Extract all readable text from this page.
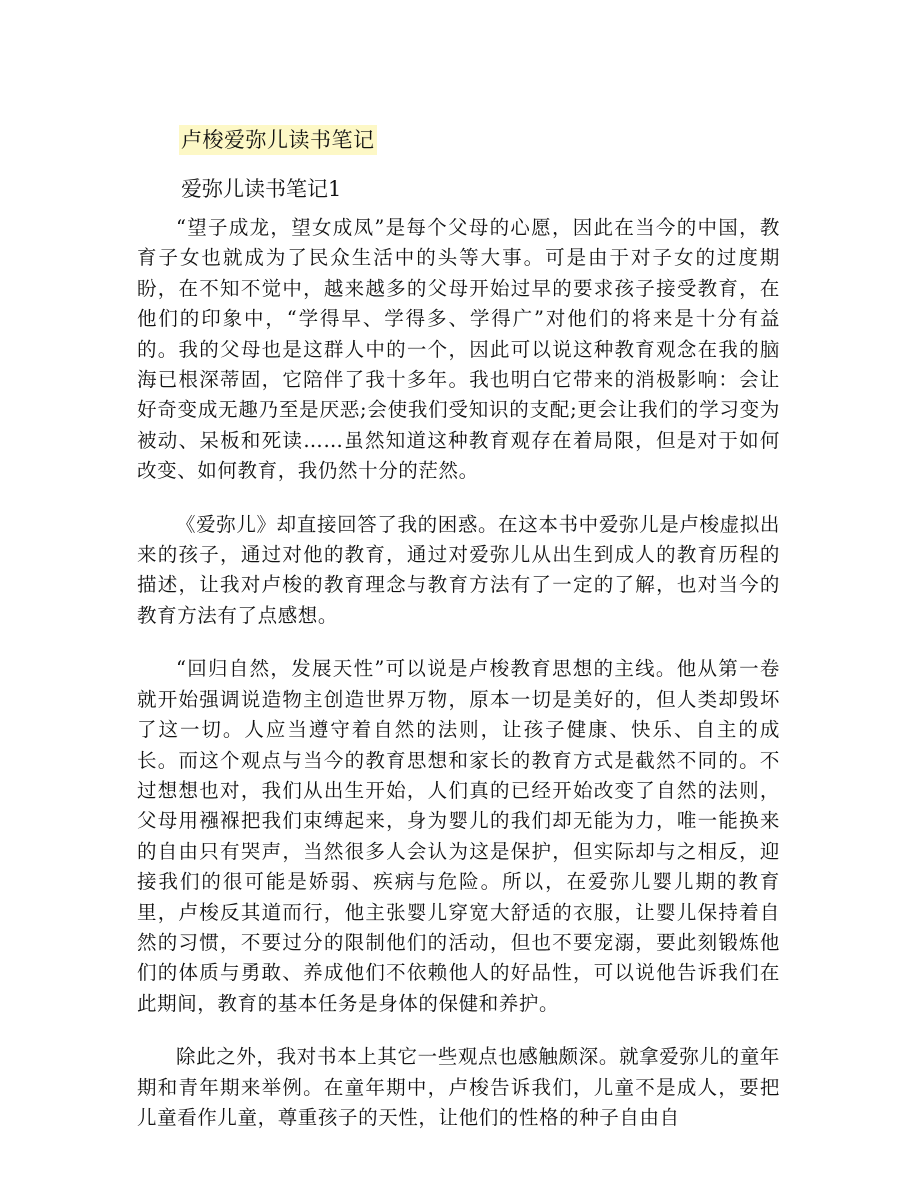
卢梭爱弥儿读书笔记
爱弥儿读书笔记1

“望子成龙，望女成凤”是每个父母的心愿，因此在当今的中国，教育子女也就成为了民众生活中的头等大事。可是由于对子女的过度期盼，在不知不觉中，越来越多的父母开始过早的要求孩子接受教育，在他们的印象中，“学得早、学得多、学得广”对他们的将来是十分有益的。我的父母也是这群人中的一个，因此可以说这种教育观念在我的脑海已根深蒂固，它陪伴了我十多年。我也明白它带来的消极影响：会让好奇变成无趣乃至是厌恶;会使我们受知识的支配;更会让我们的学习变为被动、呆板和死读……虽然知道这种教育观存在着局限，但是对于如何改变、如何教育，我仍然十分的茫然。

《爱弥儿》却直接回答了我的困惑。在这本书中爱弥儿是卢梭虚拟出来的孩子，通过对他的教育，通过对爱弥儿从出生到成人的教育历程的描述，让我对卢梭的教育理念与教育方法有了一定的了解，也对当今的教育方法有了点感想。

“回归自然，发展天性”可以说是卢梭教育思想的主线。他从第一卷就开始强调说造物主创造世界万物，原本一切是美好的，但人类却毁坏了这一切。人应当遵守着自然的法则，让孩子健康、快乐、自主的成长。而这个观点与当今的教育思想和家长的教育方式是截然不同的。不过想想也对，我们从出生开始，人们真的已经开始改变了自然的法则，父母用襁褓把我们束缚起来，身为婴儿的我们却无能为力，唯一能换来的自由只有哭声，当然很多人会认为这是保护，但实际却与之相反，迎接我们的很可能是娇弱、疾病与危险。所以，在爱弥儿婴儿期的教育里，卢梭反其道而行，他主张婴儿穿宽大舒适的衣服，让婴儿保持着自然的习惯，不要过分的限制他们的活动，但也不要宠溺，要此刻锻炼他们的体质与勇敢、养成他们不依赖他人的好品性，可以说他告诉我们在此期间，教育的基本任务是身体的保健和养护。

除此之外，我对书本上其它一些观点也感触颇深。就拿爱弥儿的童年期和青年期来举例。在童年期中，卢梭告诉我们，儿童不是成人，要把儿童看作儿童，尊重孩子的天性，让他们的性格的种子自由自
